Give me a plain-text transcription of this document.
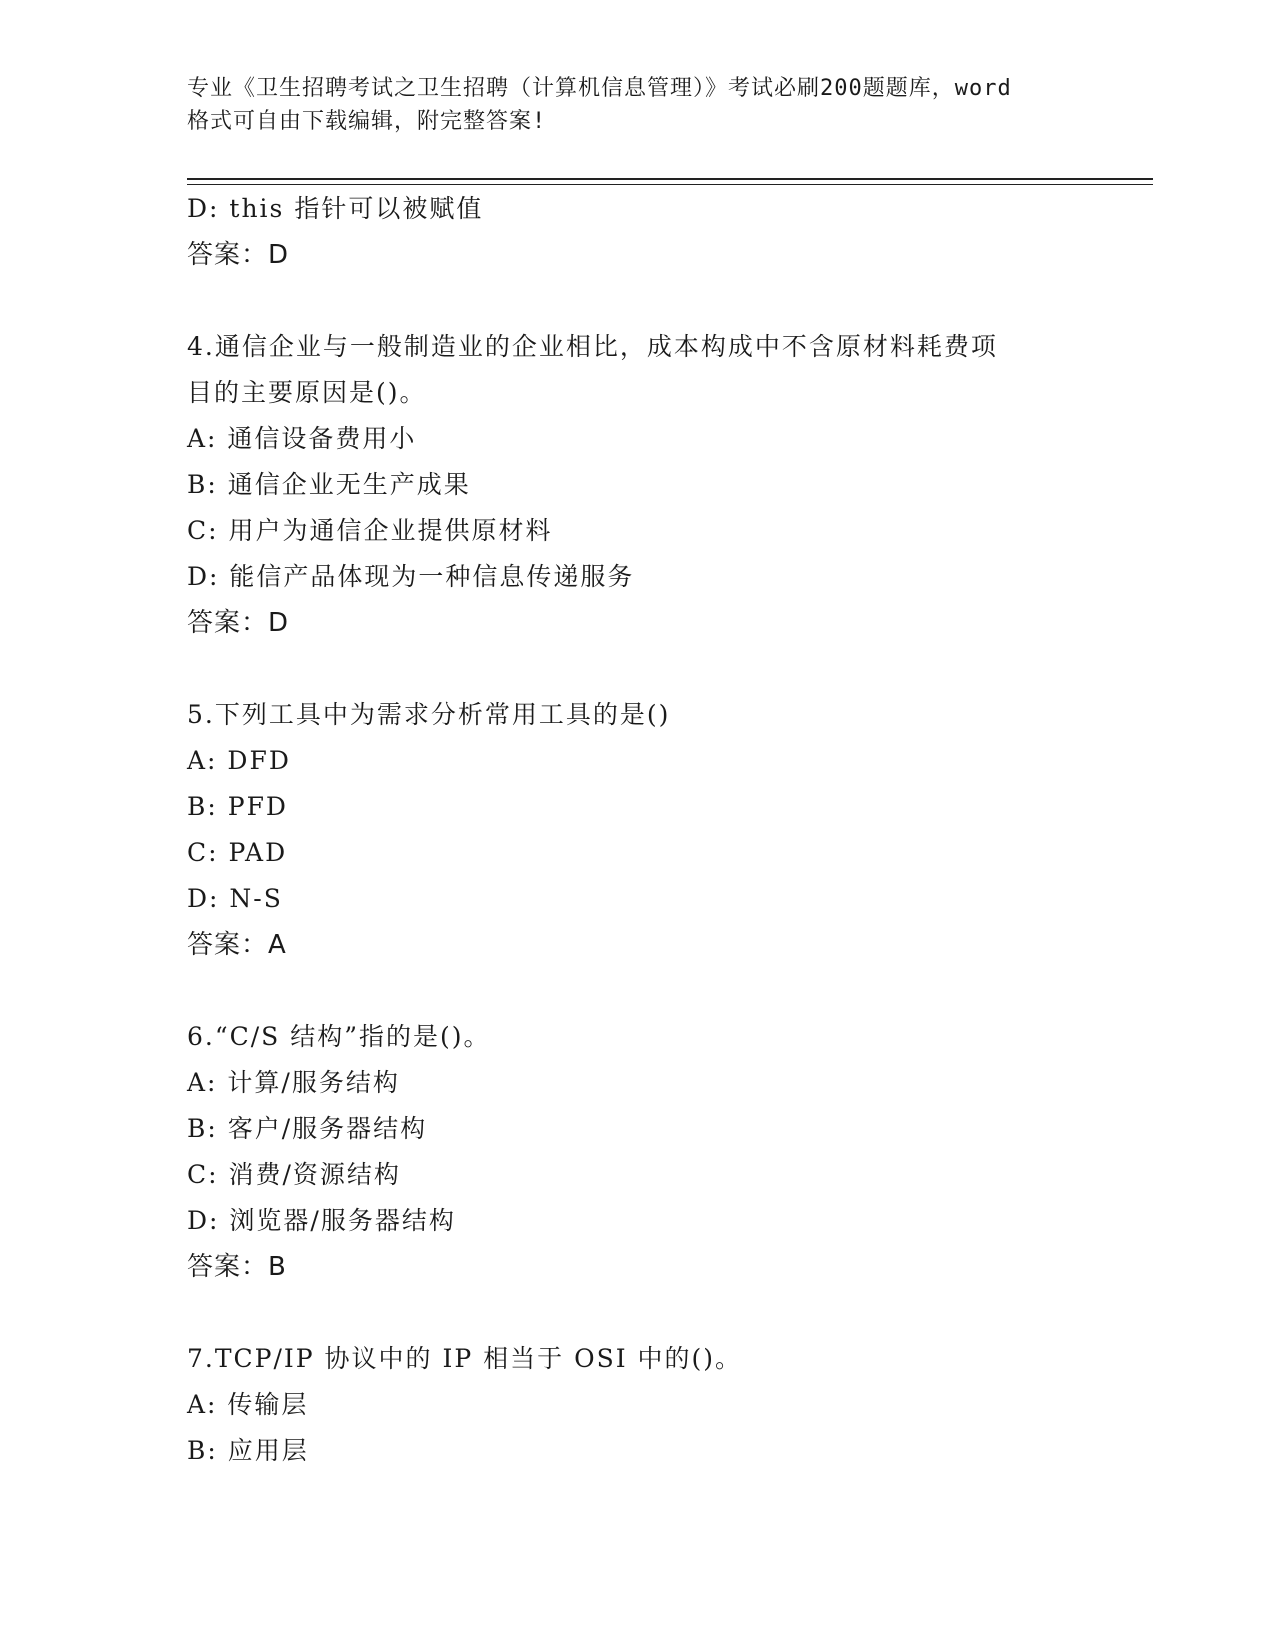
专业《卫生招聘考试之卫生招聘（计算机信息管理）》考试必刷200题题库，word
格式可自由下载编辑，附完整答案!
D: this 指针可以被赋值
答案：D
4.通信企业与一般制造业的企业相比，成本构成中不含原材料耗费项
目的主要原因是()。
A: 通信设备费用小
B: 通信企业无生产成果
C: 用户为通信企业提供原材料
D: 能信产品体现为一种信息传递服务
答案：D
5.下列工具中为需求分析常用工具的是()
A: DFD
B: PFD
C: PAD
D: N-S
答案：A
6.“C/S 结构”指的是()。
A: 计算/服务结构
B: 客户/服务器结构
C: 消费/资源结构
D: 浏览器/服务器结构
答案：B
7.TCP/IP 协议中的 IP 相当于 OSI 中的()。
A: 传输层
B: 应用层
